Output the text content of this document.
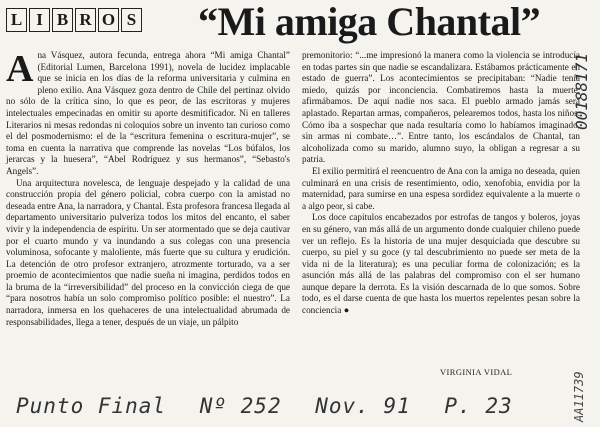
L I B R O S “Mi amiga Chantal”

Ana Vásquez, autora fecunda, entrega ahora “Mi amiga Chantal” (Editorial Lumen, Barcelona 1991), novela de lucidez implacable que se inicia en los días de la reforma universitaria y culmina en pleno exilio. Ana Vásquez goza dentro de Chile del pertinaz olvido no sólo de la crítica sino, lo que es peor, de las escritoras y mujeres intelectuales empecinadas en omitir su aporte desmitificador. Ni en talleres Literarios ni mesas redondas ni coloquios sobre un invento tan curioso como el del posmodernismo: el de la “escritura femenina o escritura-mujer”, se toma en cuenta la narrativa que comprende las novelas “Los búfalos, los jerarcas y la huesera”, “Abel Rodríguez y sus hermanos”, “Sebasto's Angels”.

Una arquitectura novelesca, de lenguaje despejado y la calidad de una construcción propia del género policial, cobra cuerpo con la amistad no deseada entre Ana, la narradora, y Chantal. Esta profesora francesa llegada al departamento universitario pulveriza todos los mitos del encanto, el saber vivir y la independencia de espíritu. Un ser atormentado que se deja cautivar por el cuarto mundo y va inundando a sus colegas con una presencia voluminosa, sofocante y maloliente, más fuerte que su cultura y erudición. La detención de otro profesor extranjero, atrozmente torturado, va a ser proemio de acontecimientos que nadie sueña ni imagina, perdidos todos en la bruma de la “irreversibilidad” del proceso en la convicción ciega de que “para nosotros había un solo compromiso político posible: el nuestro”. La narradora, inmersa en los quehaceres de una intelectualidad abrumada de responsabilidades, llega a tener, después de un viaje, un pálpito

premonitorio: “...me impresionó la manera como la violencia se introducía en todas partes sin que nadie se escandalizara. Estábamos prácticamente en estado de guerra”. Los acontecimientos se precipitaban: “Nadie tenía miedo, quizás por inconciencia. Combatiremos hasta la muerte, afirmábamos. De aquí nadie nos saca. El pueblo armado jamás será aplastado. Repartan armas, compañeros, pelearemos todos, hasta los niños. Cómo iba a sospechar que nada resultaría como lo habíamos imaginado, sin armas ni combate…”. Entre tanto, los escándalos de Chantal, tan alcoholizada como su marido, alumno suyo, la obligan a regresar a su patria.

El exilio permitirá el reencuentro de Ana con la amiga no deseada, quien culminará en una crisis de resentimiento, odio, xenofobia, envidia por la maternidad, para sumirse en una espesa sordidez equivalente a la muerte o a algo peor, si cabe.

Los doce capítulos encabezados por estrofas de tangos y boleros, joyas en su género, van más allá de un argumento donde cualquier chileno puede ver un reflejo. Es la historia de una mujer desquiciada que descubre su cuerpo, su piel y su goce (y tal descubrimiento no puede ser meta de la vida ni de la literatura); es una peculiar forma de colonización; es la asunción más allá de las palabras del compromiso con el ser humano aunque depare la derrota. Es la visión descarnada de lo que somos. Sobre todo, es el darse cuenta de que hasta los muertos repelentes pesan sobre la conciencia ●

VIRGINIA VIDAL
Punto Final Nº 252 Nov. 91 P. 23
00188171
AA11739
